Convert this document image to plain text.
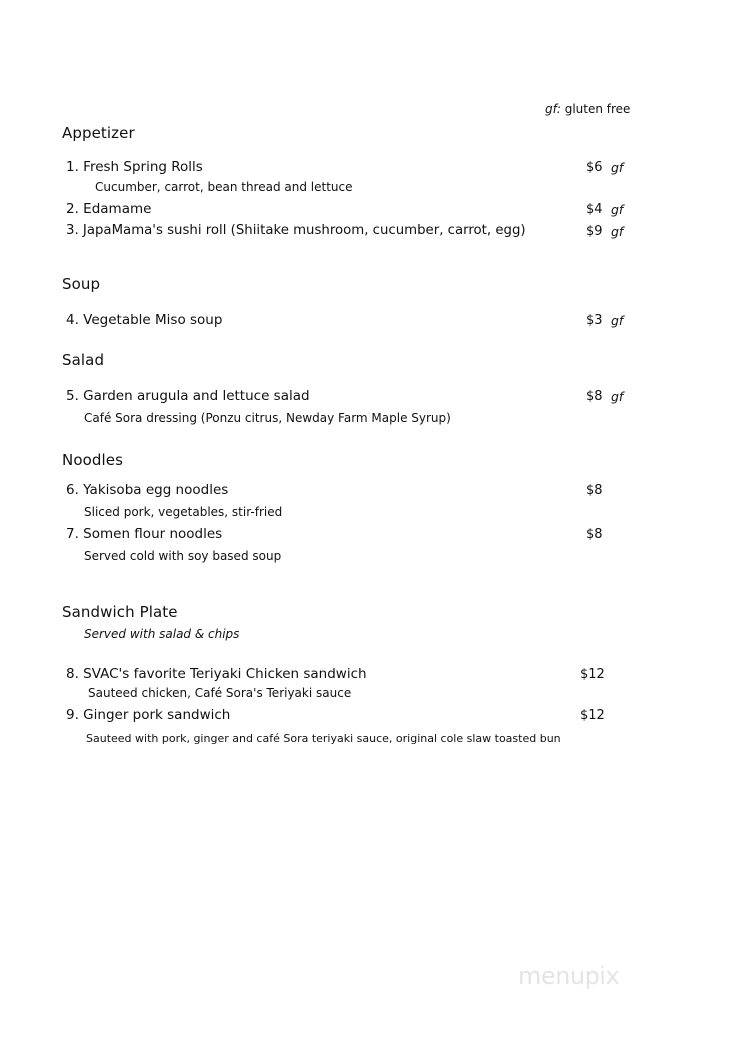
gf: gluten free
Appetizer
1. Fresh Spring Rolls	$6 gf
Cucumber, carrot, bean thread and lettuce
2. Edamame	$4 gf
3. JapaMama's sushi roll (Shiitake mushroom, cucumber, carrot, egg)	$9 gf
Soup
4. Vegetable Miso soup	$3 gf
Salad
5. Garden arugula and lettuce salad	$8 gf
Café Sora dressing (Ponzu citrus, Newday Farm Maple Syrup)
Noodles
6. Yakisoba egg noodles	$8
Sliced pork, vegetables, stir-fried
7. Somen flour noodles	$8
Served cold with soy based soup
Sandwich Plate
Served with salad & chips
8. SVAC's favorite Teriyaki Chicken sandwich	$12
Sauteed chicken, Café Sora's Teriyaki sauce
9. Ginger pork sandwich	$12
Sauteed with pork, ginger and café Sora teriyaki sauce, original cole slaw toasted bun
menupix
